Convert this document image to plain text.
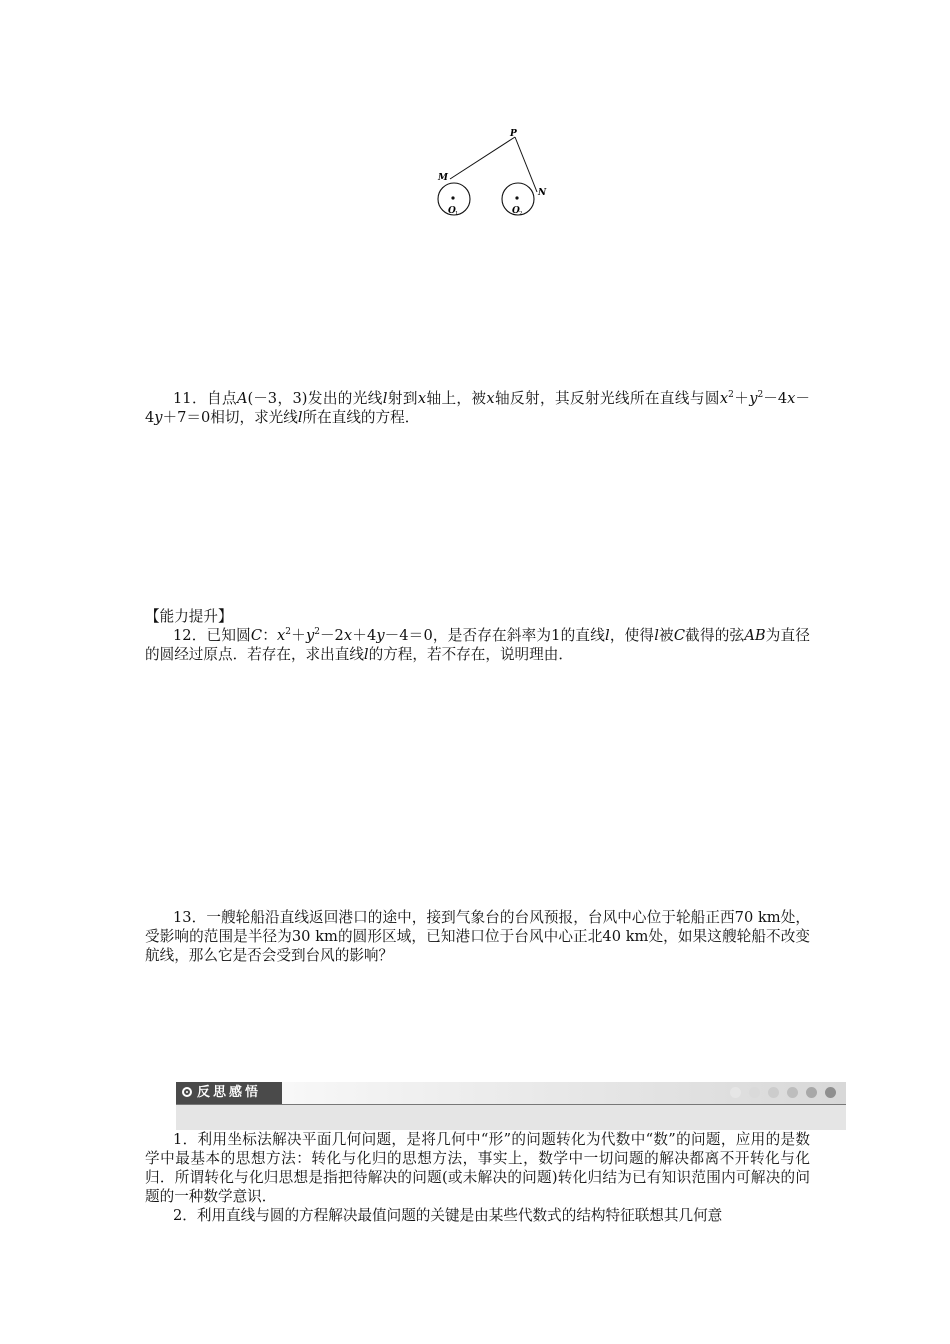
P
M
N
O 1	O 2
11．自点A(－3，3)发出的光线l射到x轴上，被x轴反射，其反射光线所在直线与圆$x^2+y^2-4x-4y+7=0$相切，求光线l所在直线的方程．
【能力提升】
12．已知圆C：$x^2+y^2-2x+4y-4=0$，是否存在斜率为1的直线l，使得l被C截得的弦AB为直径的圆经过原点．若存在，求出直线l的方程，若不存在，说明理由．
13．一艘轮船沿直线返回港口的途中，接到气象台的台风预报，台风中心位于轮船正西70 km处，受影响的范围是半径为30 km的圆形区域，已知港口位于台风中心正北40 km处，如果这艘轮船不改变航线，那么它是否会受到台风的影响？
反思感悟
1．利用坐标法解决平面几何问题，是将几何中“形”的问题转化为代数中“数”的问题，应用的是数学中最基本的思想方法：转化与化归的思想方法，事实上，数学中一切问题的解决都离不开转化与化归．所谓转化与化归思想是指把待解决的问题(或未解决的问题)转化归结为已有知识范围内可解决的问题的一种数学意识．
2．利用直线与圆的方程解决最值问题的关键是由某些代数式的结构特征联想其几何意
